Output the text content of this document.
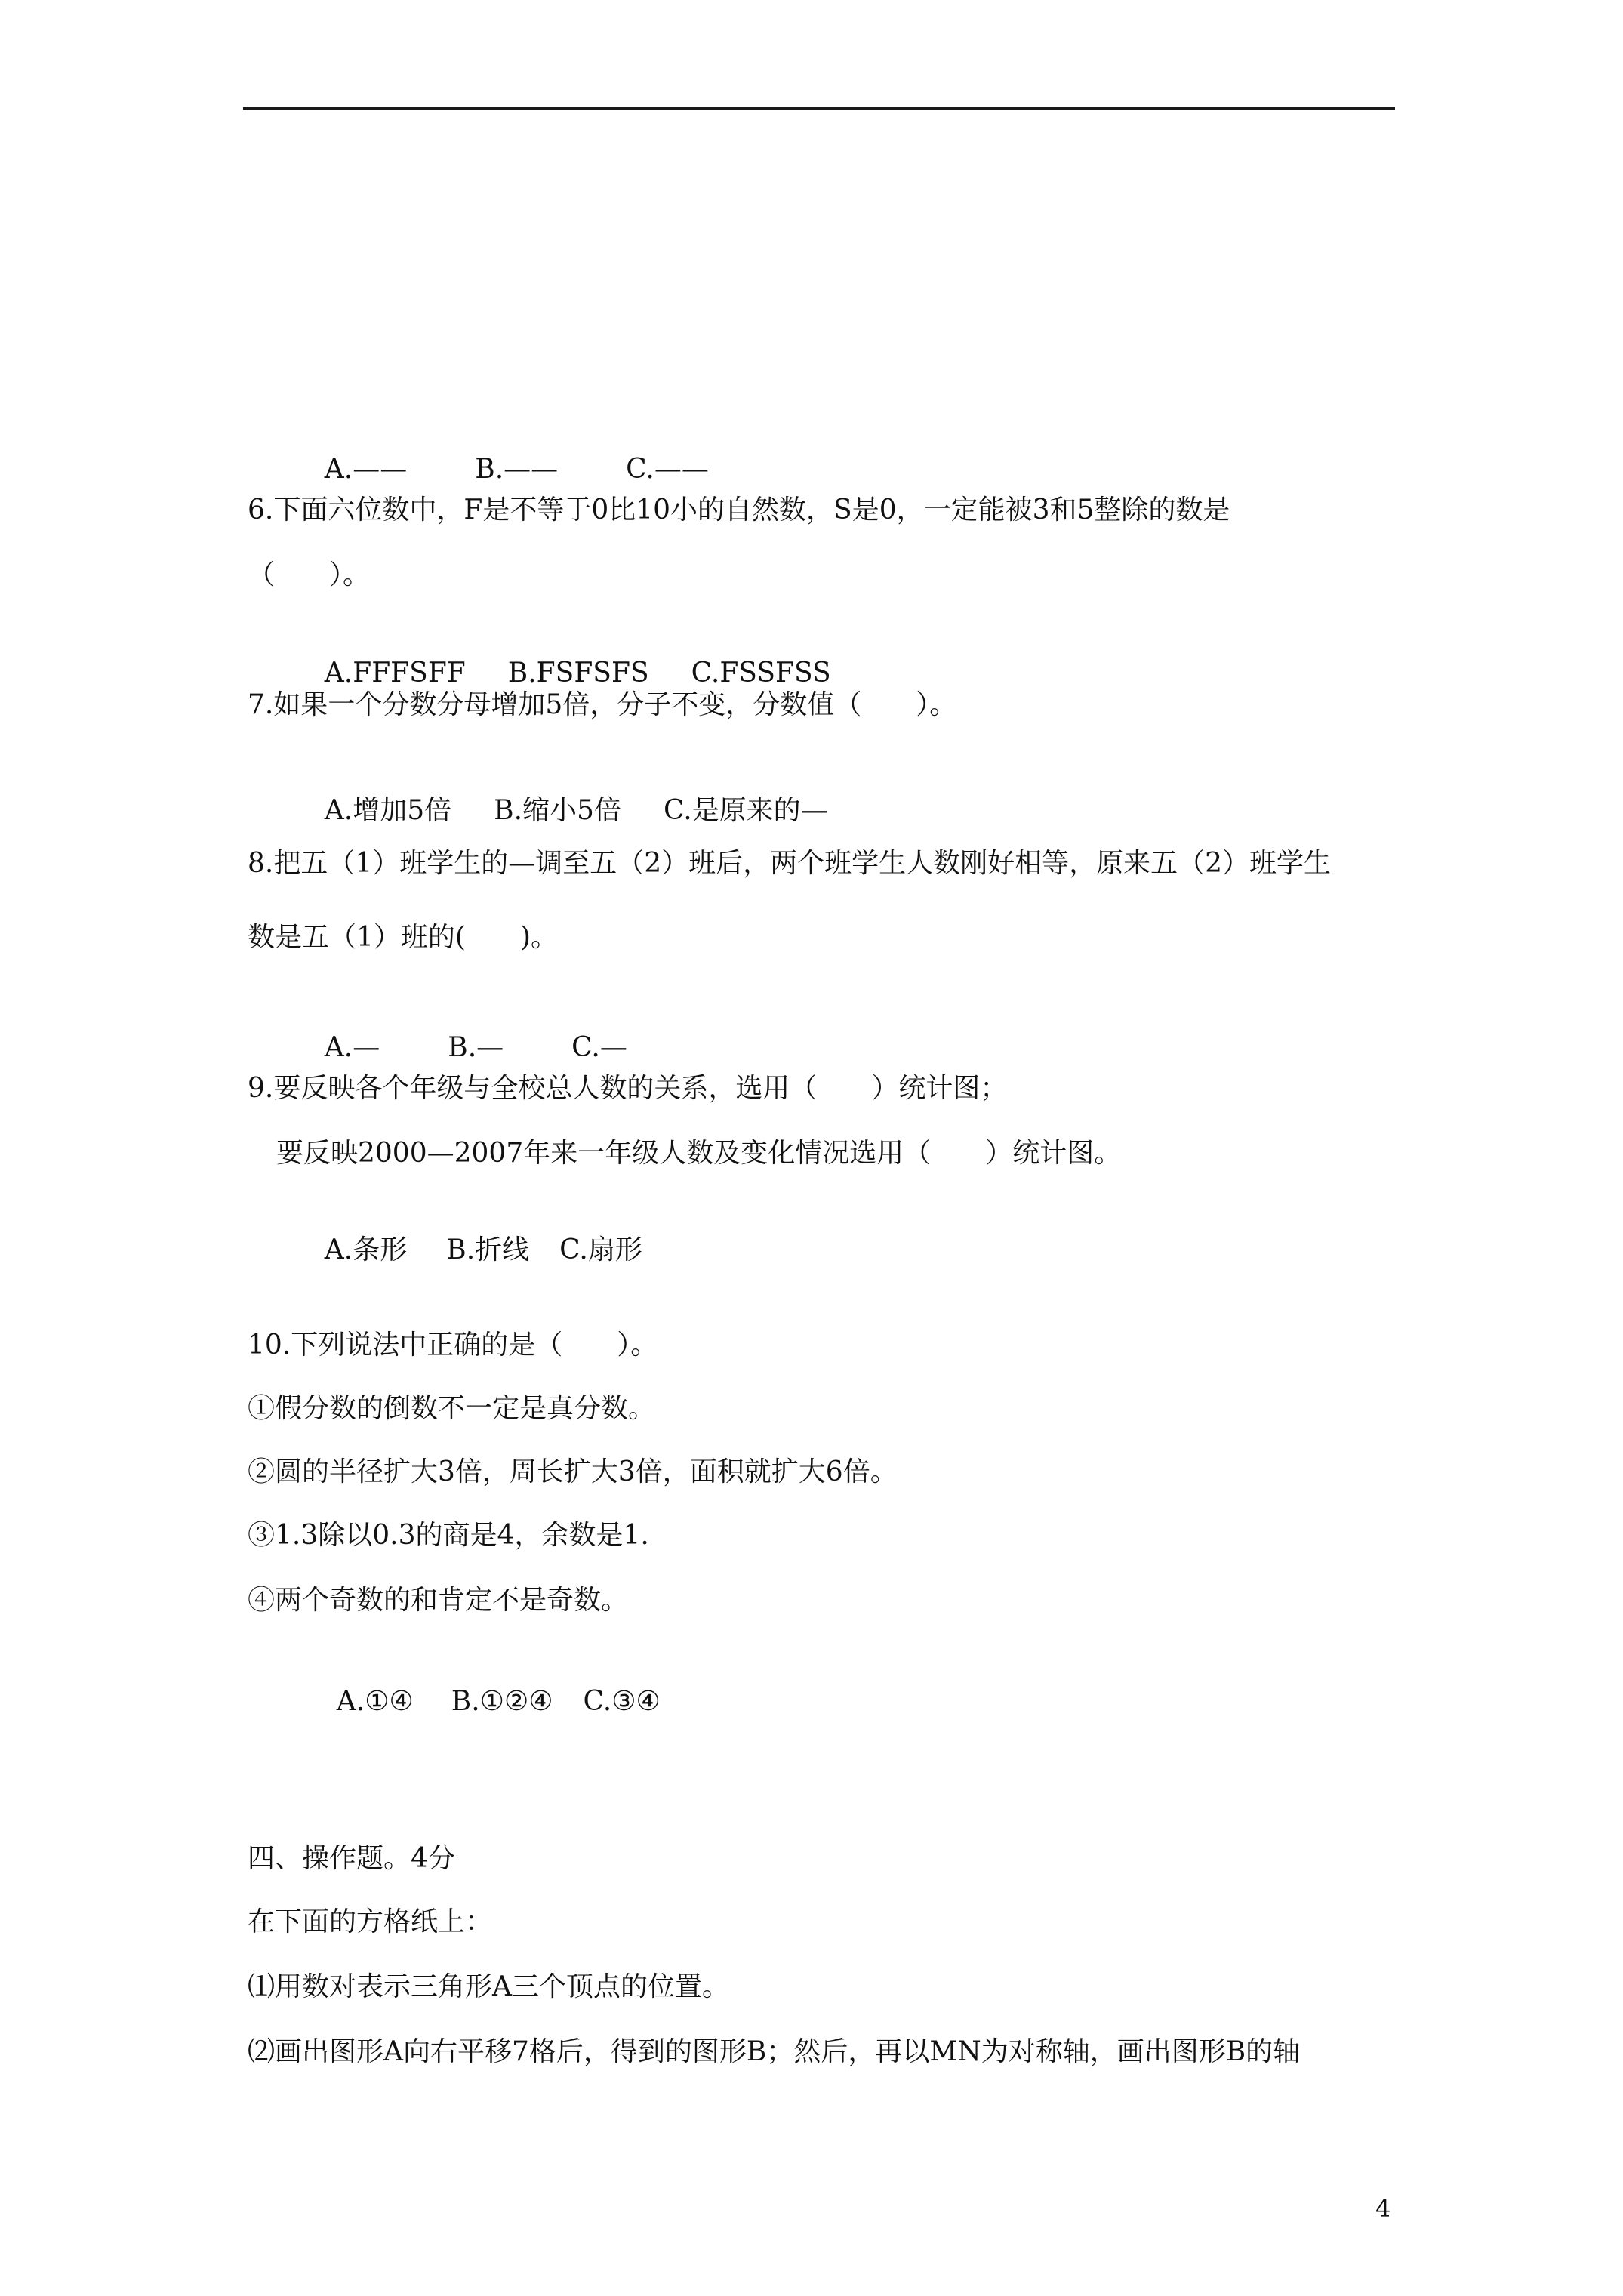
A.——	B.——	C.——

6.下面六位数中，F是不等于0比10小的自然数，S是0，一定能被3和5整除的数是
（　　）。

A.FFFSFF B.FSFSFS C.FSSFSS

7.如果一个分数分母增加5倍，分子不变，分数值（　　）。

A.增加5倍 B.缩小5倍 C.是原来的—

8.把五（1）班学生的—调至五（2）班后，两个班学生人数刚好相等，原来五（2）班学生
数是五（1）班的(　　)。

A.—	B.—	C.—

9.要反映各个年级与全校总人数的关系，选用（　　）统计图；
要反映2000—2007年来一年级人数及变化情况选用（　　）统计图。

A.条形 B.折线 C.扇形

10.下列说法中正确的是（　　）。
①假分数的倒数不一定是真分数。
②圆的半径扩大3倍，周长扩大3倍，面积就扩大6倍。
③1.3除以0.3的商是4，余数是1.
④两个奇数的和肯定不是奇数。

A.①④ B.①②④ C.③④

四、操作题。4分
在下面的方格纸上：
⑴用数对表示三角形A三个顶点的位置。
⑵画出图形A向右平移7格后，得到的图形B；然后，再以MN为对称轴，画出图形B的轴
4
